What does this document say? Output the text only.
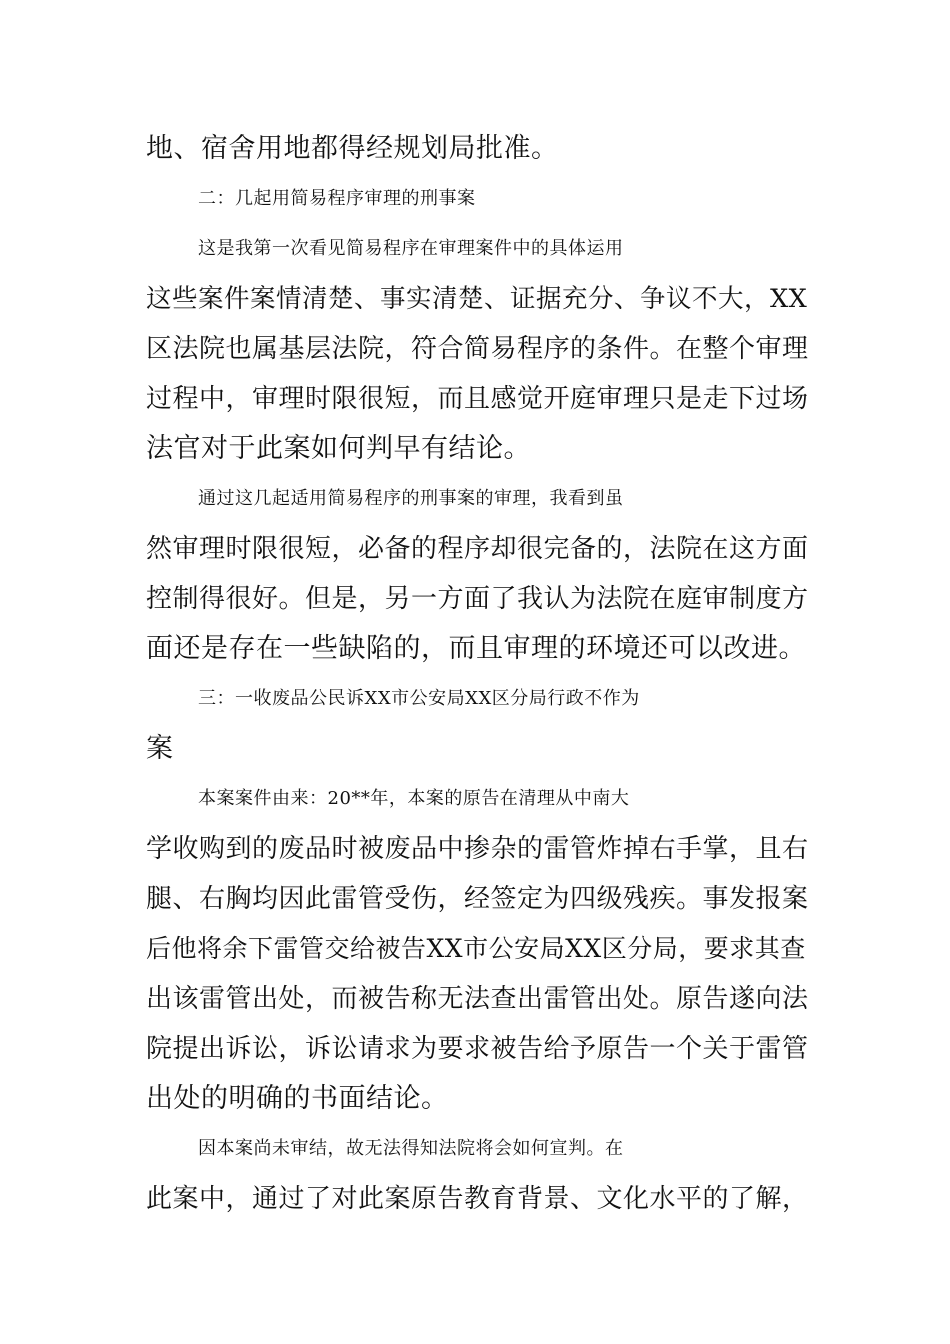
地、宿舍用地都得经规划局批准。
二：几起用简易程序审理的刑事案
这是我第一次看见简易程序在审理案件中的具体运用
这些案件案情清楚、事实清楚、证据充分、争议不大，XX
区法院也属基层法院，符合简易程序的条件。在整个审理
过程中，审理时限很短，而且感觉开庭审理只是走下过场
法官对于此案如何判早有结论。
通过这几起适用简易程序的刑事案的审理，我看到虽
然审理时限很短，必备的程序却很完备的，法院在这方面
控制得很好。但是，另一方面了我认为法院在庭审制度方
面还是存在一些缺陷的，而且审理的环境还可以改进。
三：一收废品公民诉XX市公安局XX区分局行政不作为
案
本案案件由来：20**年，本案的原告在清理从中南大
学收购到的废品时被废品中掺杂的雷管炸掉右手掌，且右
腿、右胸均因此雷管受伤，经签定为四级残疾。事发报案
后他将余下雷管交给被告XX市公安局XX区分局，要求其查
出该雷管出处，而被告称无法查出雷管出处。原告遂向法
院提出诉讼，诉讼请求为要求被告给予原告一个关于雷管
出处的明确的书面结论。
因本案尚未审结，故无法得知法院将会如何宣判。在
此案中，通过了对此案原告教育背景、文化水平的了解，
